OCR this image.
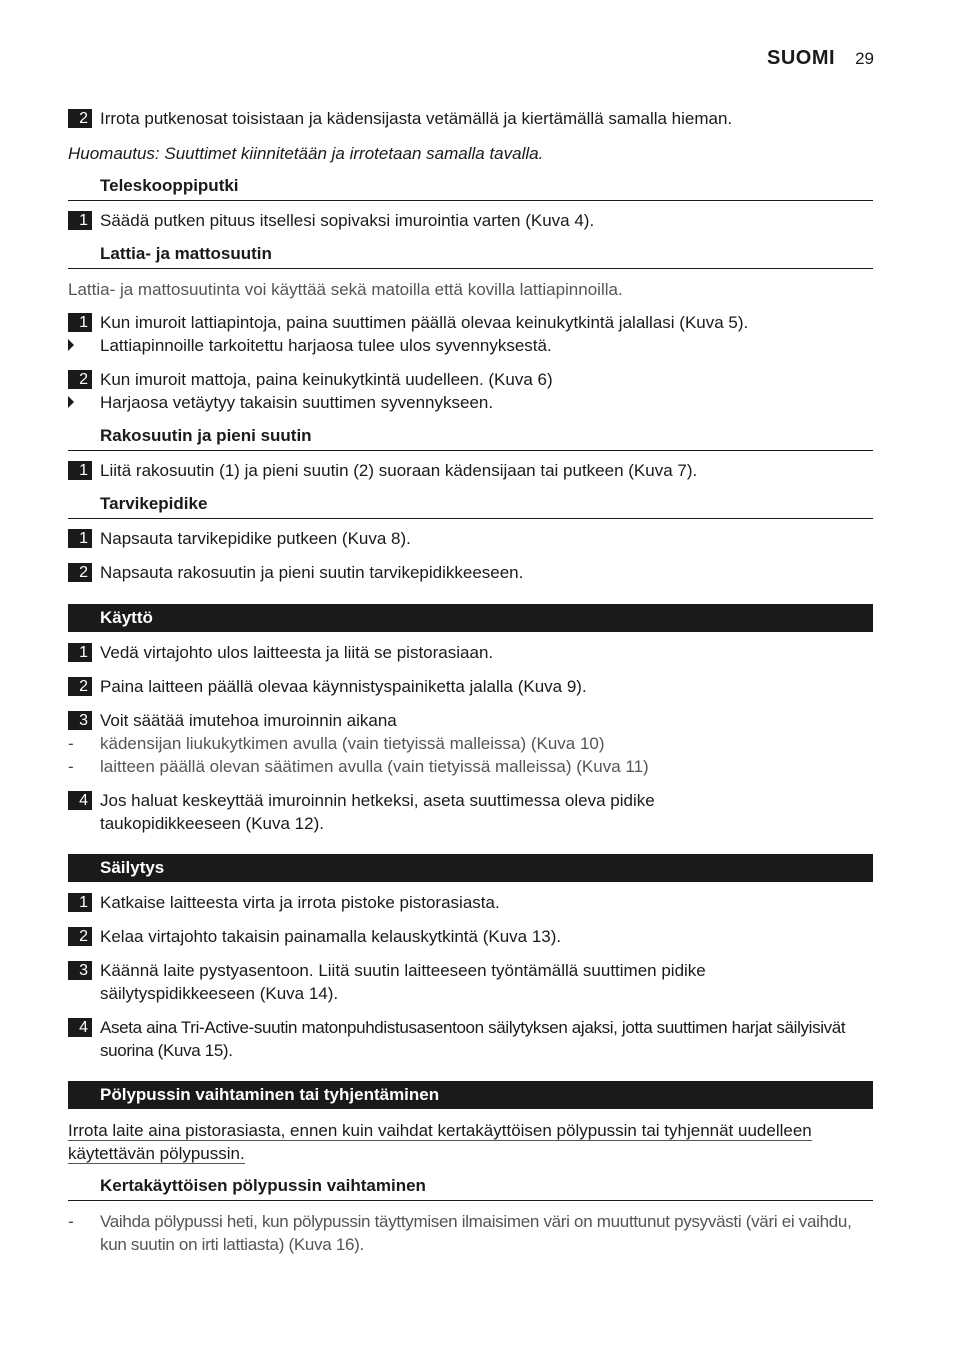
SUOMI 29
2 Irrota putkenosat toisistaan ja kädensijasta vetämällä ja kiertämällä samalla hieman.
Huomautus: Suuttimet kiinnitetään ja irrotetaan samalla tavalla.
Teleskooppiputki
1 Säädä putken pituus itsellesi sopivaksi imurointia varten (Kuva 4).
Lattia- ja mattosuutin
Lattia- ja mattosuutinta voi käyttää sekä matoilla että kovilla lattiapinnoilla.
1 Kun imuroit lattiapintoja, paina suuttimen päällä olevaa keinukytkintä jalallasi (Kuva 5).
Lattiapinnoille tarkoitettu harjaosa tulee ulos syvennyksestä.
2 Kun imuroit mattoja, paina keinukytkintä uudelleen. (Kuva 6)
Harjaosa vetäytyy takaisin suuttimen syvennykseen.
Rakosuutin ja pieni suutin
1 Liitä rakosuutin (1) ja pieni suutin (2) suoraan kädensijaan tai putkeen (Kuva 7).
Tarvikepidike
1 Napsauta tarvikepidike putkeen (Kuva 8).
2 Napsauta rakosuutin ja pieni suutin tarvikepidikkeeseen.
Käyttö
1 Vedä virtajohto ulos laitteesta ja liitä se pistorasiaan.
2 Paina laitteen päällä olevaa käynnistyspainiketta jalalla (Kuva 9).
3 Voit säätää imutehoa imuroinnin aikana
-	kädensijan liukukytkimen avulla (vain tietyissä malleissa) (Kuva 10)
-	laitteen päällä olevan säätimen avulla (vain tietyissä malleissa) (Kuva 11)
4 Jos haluat keskeyttää imuroinnin hetkeksi, aseta suuttimessa oleva pidike taukopidikkeeseen (Kuva 12).
Säilytys
1 Katkaise laitteesta virta ja irrota pistoke pistorasiasta.
2 Kelaa virtajohto takaisin painamalla kelauskytkintä (Kuva 13).
3 Käännä laite pystyasentoon. Liitä suutin laitteeseen työntämällä suuttimen pidike säilytyspidikkeeseen (Kuva 14).
4 Aseta aina Tri-Active-suutin matonpuhdistusasentoon säilytyksen ajaksi, jotta suuttimen harjat säilyisivät suorina (Kuva 15).
Pölypussin vaihtaminen tai tyhjentäminen
Irrota laite aina pistorasiasta, ennen kuin vaihdat kertakäyttöisen pölypussin tai tyhjennät uudelleen käytettävän pölypussin.
Kertakäyttöisen pölypussin vaihtaminen
-	Vaihda pölypussi heti, kun pölypussin täyttymisen ilmaisimen väri on muuttunut pysyvästi (väri ei vaihdu, kun suutin on irti lattiasta) (Kuva 16).
